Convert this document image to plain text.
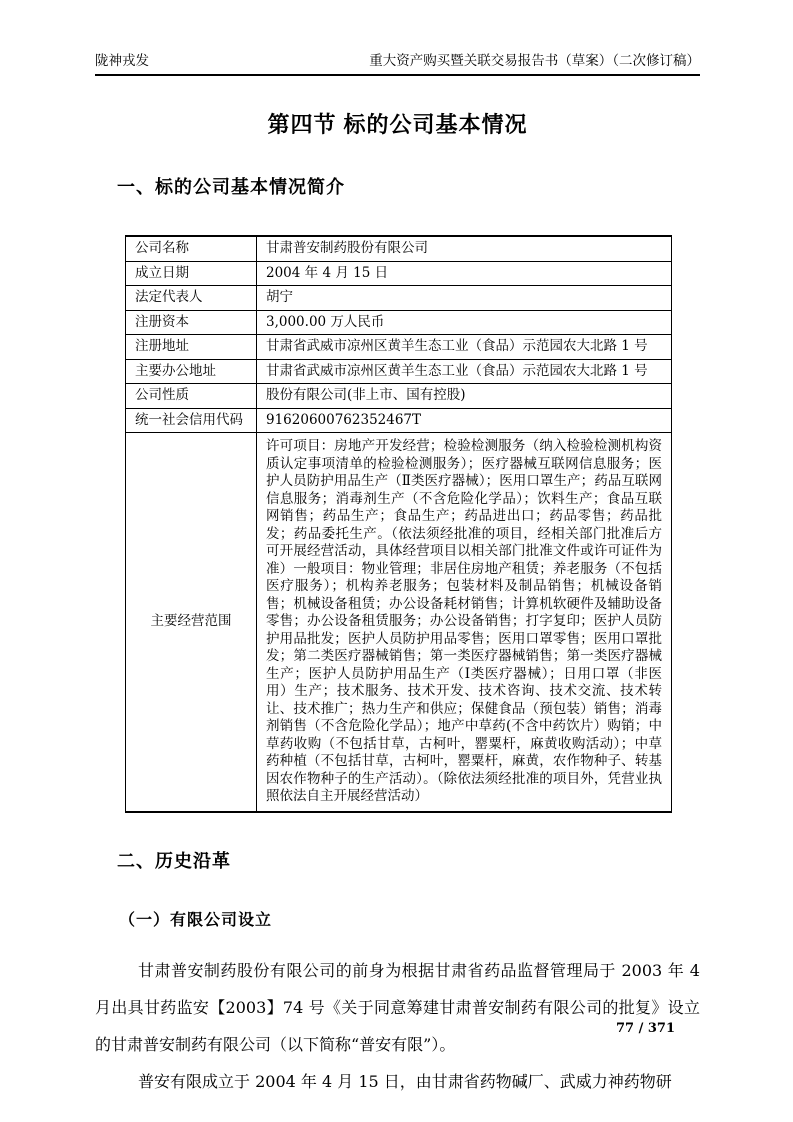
陇神戎发	重大资产购买暨关联交易报告书（草案）（二次修订稿）
第四节 标的公司基本情况
一、标的公司基本情况简介
公司名称	甘肃普安制药股份有限公司
成立日期	2004 年 4 月 15 日
法定代表人	胡宁
注册资本	3,000.00 万人民币
注册地址	甘肃省武威市凉州区黄羊生态工业（食品）示范园农大北路 1 号
主要办公地址	甘肃省武威市凉州区黄羊生态工业（食品）示范园农大北路 1 号
公司性质	股份有限公司(非上市、国有控股)
统一社会信用代码	91620600762352467T
主要经营范围	许可项目：房地产开发经营；检验检测服务（纳入检验检测机构资质认定事项清单的检验检测服务）；医疗器械互联网信息服务；医护人员防护用品生产（Ⅱ类医疗器械）；医用口罩生产；药品互联网信息服务；消毒剂生产（不含危险化学品）；饮料生产；食品互联网销售；药品生产；食品生产；药品进出口；药品零售；药品批发；药品委托生产。（依法须经批准的项目，经相关部门批准后方可开展经营活动，具体经营项目以相关部门批准文件或许可证件为准）一般项目：物业管理；非居住房地产租赁；养老服务（不包括医疗服务）；机构养老服务；包装材料及制品销售；机械设备销售；机械设备租赁；办公设备耗材销售；计算机软硬件及辅助设备零售；办公设备租赁服务；办公设备销售；打字复印；医护人员防护用品批发；医护人员防护用品零售；医用口罩零售；医用口罩批发；第二类医疗器械销售；第一类医疗器械销售；第一类医疗器械生产；医护人员防护用品生产（Ⅰ类医疗器械）；日用口罩（非医用）生产；技术服务、技术开发、技术咨询、技术交流、技术转让、技术推广；热力生产和供应；保健食品（预包装）销售；消毒剂销售（不含危险化学品）；地产中草药(不含中药饮片）购销；中草药收购（不包括甘草，古柯叶，罂粟杆，麻黄收购活动）；中草药种植（不包括甘草，古柯叶，罂粟杆，麻黄，农作物种子、转基因农作物种子的生产活动）。（除依法须经批准的项目外，凭营业执照依法自主开展经营活动）
二、历史沿革
（一）有限公司设立

甘肃普安制药股份有限公司的前身为根据甘肃省药品监督管理局于 2003 年 4 月出具甘药监安【2003】74 号《关于同意筹建甘肃普安制药有限公司的批复》设立的甘肃普安制药有限公司（以下简称“普安有限”）。

普安有限成立于 2004 年 4 月 15 日，由甘肃省药物碱厂、武威力神药物研

77 / 371
